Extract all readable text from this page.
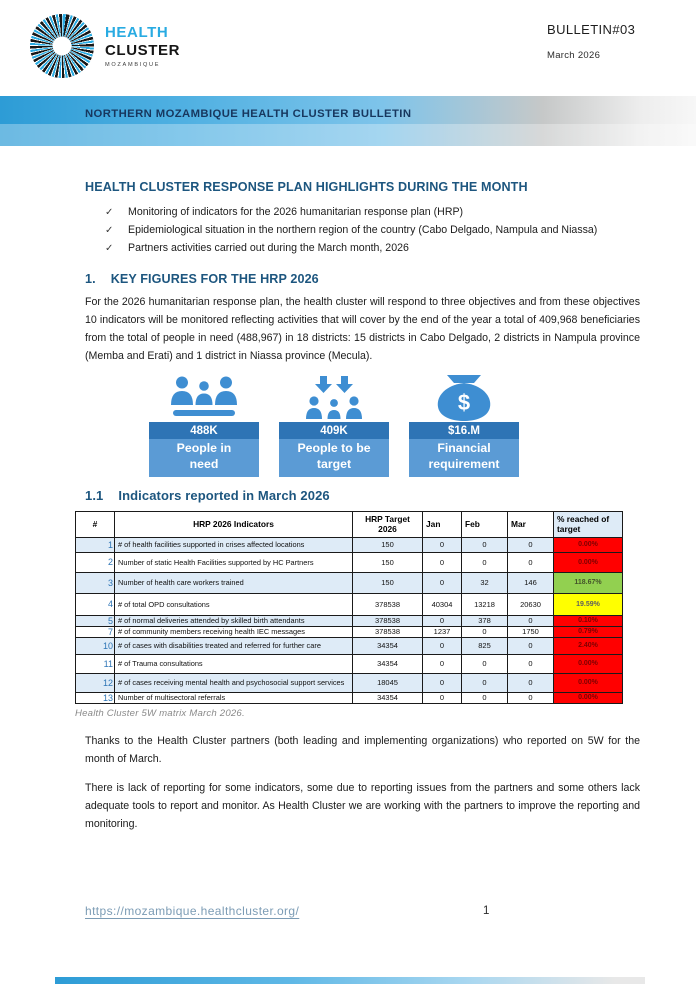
HEALTH
CLUSTER
MOZAMBIQUE
BULLETIN#03
March 2026
NORTHERN MOZAMBIQUE HEALTH CLUSTER BULLETIN
HEALTH CLUSTER RESPONSE PLAN HIGHLIGHTS DURING THE MONTH
✓	Monitoring of indicators for the 2026 humanitarian response plan (HRP)
✓	Epidemiological situation in the northern region of the country (Cabo Delgado, Nampula and Niassa)
✓	Partners activities carried out during the March month, 2026
1. KEY FIGURES FOR THE HRP 2026

For the 2026 humanitarian response plan, the health cluster will respond to three objectives and from these objectives 10 indicators will be monitored reflecting activities that will cover by the end of the year a total of 409,968 beneficiaries from the total of people in need (488,967) in 18 districts: 15 districts in Cabo Delgado, 2 districts in Nampula province (Memba and Erati) and 1 district in Niassa province (Mecula).

488K
People in
need
409K
People to be
target
$
$16.M
Financial
requirement
1.1 Indicators reported in March 2026
#	HRP 2026 Indicators	HRP Target 2026	Jan	Feb	Mar	% reached of target
1	# of health facilities supported in crises affected locations	150	0	0	0	0.00%
2	Number of static Health Facilities supported by HC Partners	150	0	0	0	0.00%
3	Number of health care workers trained	150	0	32	146	118.67%
4	# of total OPD consultations	378538	40304	13218	20630	19.59%
5	# of normal deliveries attended by skilled birth attendants	378538	0	378	0	0.10%
7	# of community members receiving health IEC messages	378538	1237	0	1750	0.79%
10	# of cases with disabilities treated and referred for further care	34354	0	825	0	2.40%
11	# of Trauma consultations	34354	0	0	0	0.00%
12	# of cases receiving mental health and psychosocial support services	18045	0	0	0	0.00%
13	Number of multisectoral referrals	34354	0	0	0	0.00%
Health Cluster 5W matrix March 2026.

Thanks to the Health Cluster partners (both leading and implementing organizations) who reported on 5W for the month of March.

There is lack of reporting for some indicators, some due to reporting issues from the partners and some others lack adequate tools to report and monitor. As Health Cluster we are working with the partners to improve the reporting and monitoring.

https://mozambique.healthcluster.org/	1
